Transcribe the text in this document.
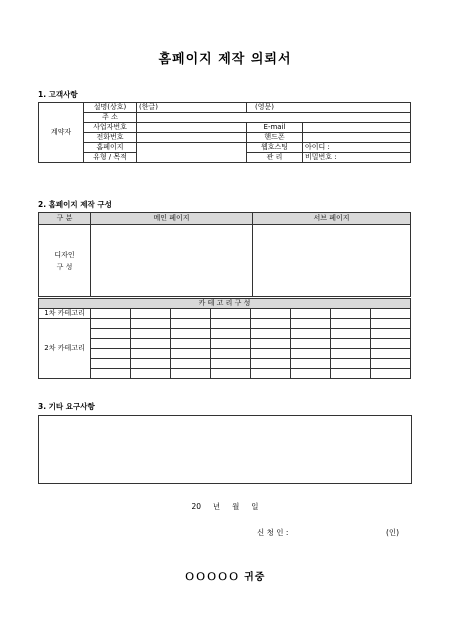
홈페이지 제작 의뢰서
1. 고객사항
계약자	설명(상호)	(한글)	(영문)	
	주 소			
	사업자번호		E-mail	
	전화번호		핸드폰	
	홈페이지		웹호스팅	아이디 :
	유형 / 목적		관 리	비밀번호 :
2. 홈페이지 제작 구성
구 분	메인 페이지	서브 페이지
디자인
구 성		
카 테 고 리 구 성								
1차 카테고리								
2차 카테고리								

3. 기타 요구사항
20     년     월     일
신 청 인 :	(인)
ＯＯＯＯＯ 귀중
